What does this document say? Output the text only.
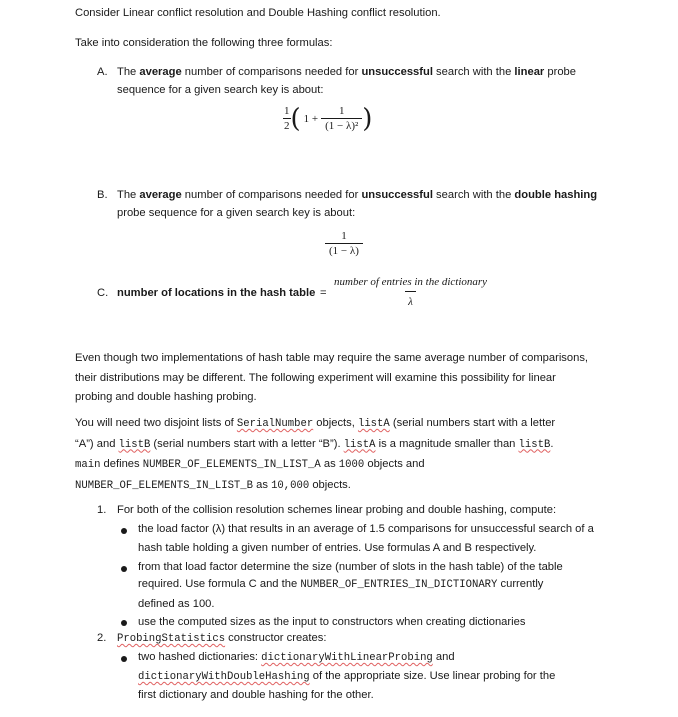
Consider Linear conflict resolution and Double Hashing conflict resolution.
Take into consideration the following three formulas:
A. The average number of comparisons needed for unsuccessful search with the linear probe
sequence for a given search key is about:
$\frac{1}{2}$ ( $1 + \frac{1}{\text{(1 − λ)²}}$ )
B. The average number of comparisons needed for unsuccessful search with the double hashing
probe sequence for a given search key is about:
$\frac{1}{(1 - \lambda)}$
C. number of locations in the hash table = $\frac{\text{number of entries in the dictionary}}{\lambda}$
Even though two implementations of hash table may require the same average number of comparisons,
their distributions may be different. The following experiment will examine this possibility for linear
probing and double hashing probing.
You will need two disjoint lists of SerialNumber objects, listA (serial numbers start with a letter
“A”) and listB (serial numbers start with a letter “B”). listA is a magnitude smaller than listB.
main defines NUMBER_OF_ELEMENTS_IN_LIST_A as 1000 objects and
NUMBER_OF_ELEMENTS_IN_LIST_B as 10,000 objects.
1. For both of the collision resolution schemes linear probing and double hashing, compute:
the load factor (λ) that results in an average of 1.5 comparisons for unsuccessful search of a
hash table holding a given number of entries. Use formulas A and B respectively.
from that load factor determine the size (number of slots in the hash table) of the table
required. Use formula C and the NUMBER_OF_ENTRIES_IN_DICTIONARY currently
defined as 100.
use the computed sizes as the input to constructors when creating dictionaries
2. ProbingStatistics constructor creates:
two hashed dictionaries: dictionaryWithLinearProbing and
dictionaryWithDoubleHashing of the appropriate size. Use linear probing for the
first dictionary and double hashing for the other.
